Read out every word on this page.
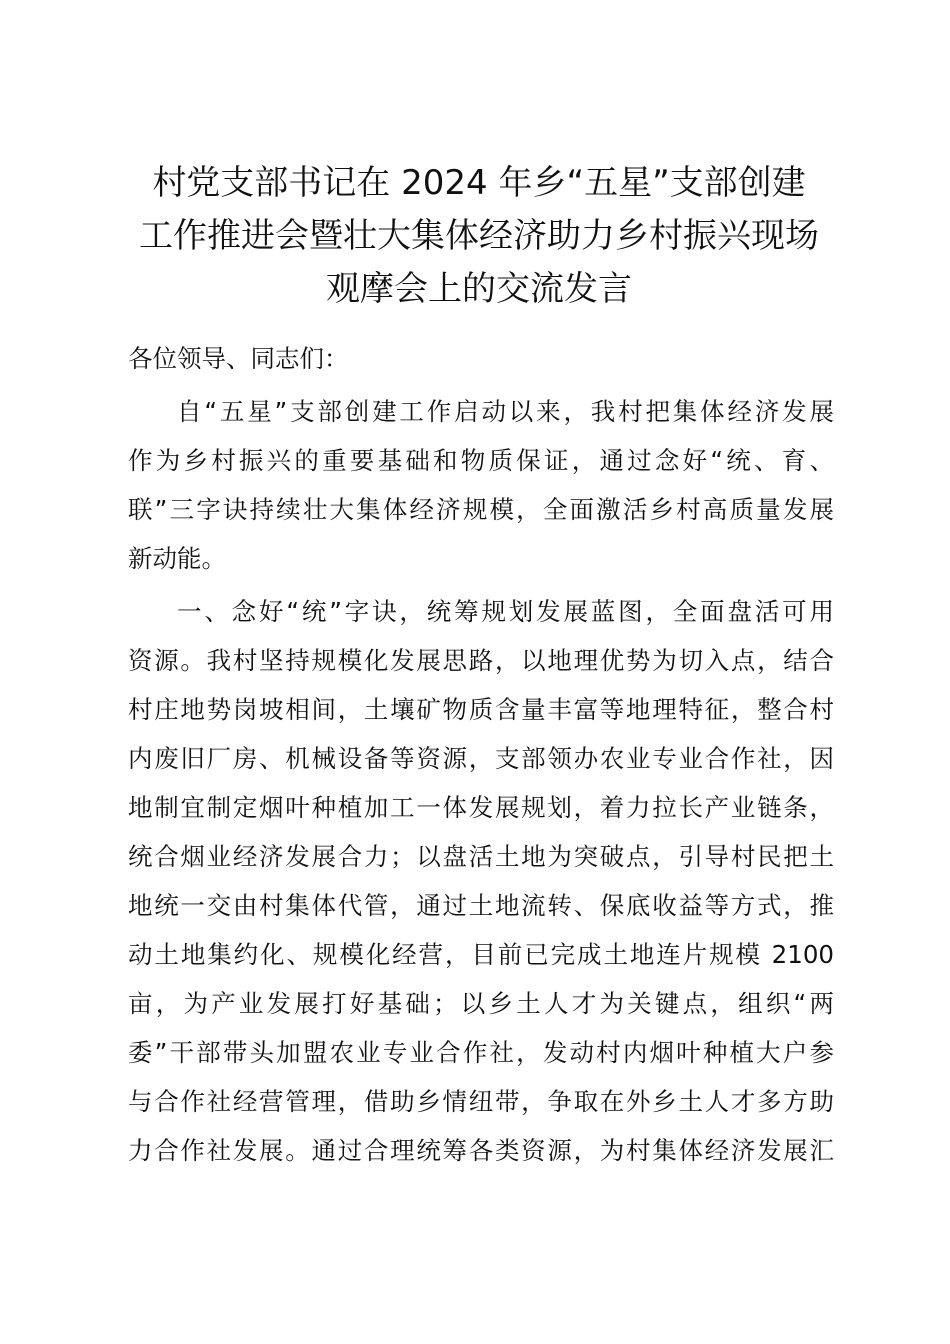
村党支部书记在 2024 年乡“五星”支部创建
工作推进会暨壮大集体经济助力乡村振兴现场
观摩会上的交流发言
各位领导、同志们：
自“五星”支部创建工作启动以来，我村把集体经济发展
作为乡村振兴的重要基础和物质保证，通过念好“统、育、
联”三字诀持续壮大集体经济规模，全面激活乡村高质量发展
新动能。
一、念好“统”字诀，统筹规划发展蓝图，全面盘活可用
资源。我村坚持规模化发展思路，以地理优势为切入点，结合
村庄地势岗坡相间，土壤矿物质含量丰富等地理特征，整合村
内废旧厂房、机械设备等资源，支部领办农业专业合作社，因
地制宜制定烟叶种植加工一体发展规划，着力拉长产业链条，
统合烟业经济发展合力；以盘活土地为突破点，引导村民把土
地统一交由村集体代管，通过土地流转、保底收益等方式，推
动土地集约化、规模化经营，目前已完成土地连片规模 2100
亩，为产业发展打好基础；以乡土人才为关键点，组织“两
委”干部带头加盟农业专业合作社，发动村内烟叶种植大户参
与合作社经营管理，借助乡情纽带，争取在外乡土人才多方助
力合作社发展。通过合理统筹各类资源，为村集体经济发展汇
